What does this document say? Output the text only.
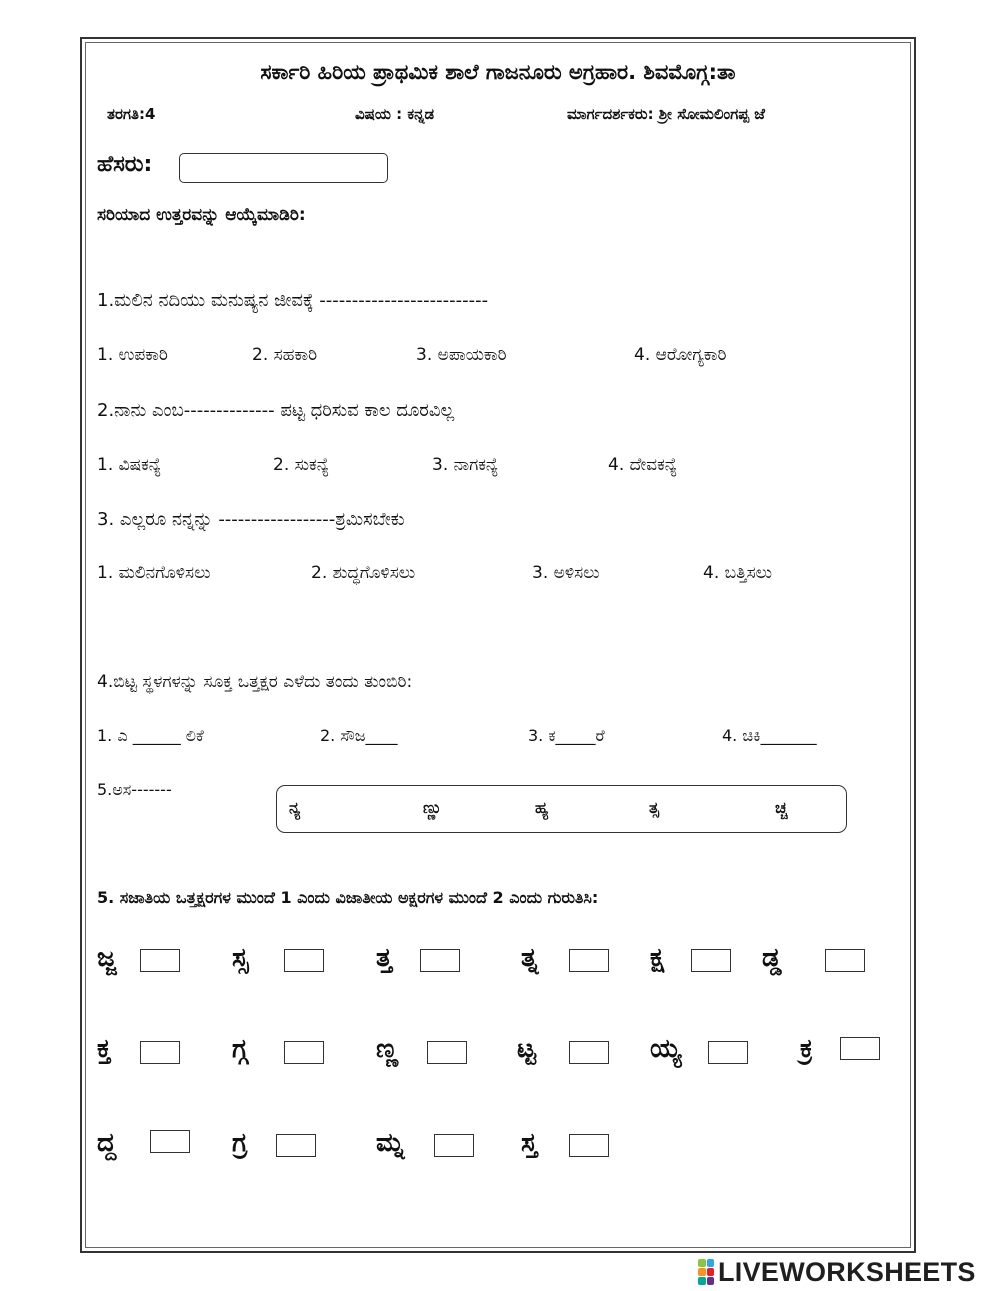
ಸರ್ಕಾರಿ ಹಿರಿಯ ಪ್ರಾಥಮಿಕ ಶಾಲೆ ಗಾಜನೂರು ಅಗ್ರಹಾರ. ಶಿವಮೊಗ್ಗ:ತಾ
ತರಗತಿ:4	ವಿಷಯ : ಕನ್ನಡ	ಮಾರ್ಗದರ್ಶಕರು: ಶ್ರೀ ಸೋಮಲಿಂಗಪ್ಪ ಜೆ
ಹೆಸರು:
ಸರಿಯಾದ ಉತ್ತರವನ್ನು ಆಯ್ಕೆಮಾಡಿರಿ:
1.ಮಲಿನ ನದಿಯು ಮನುಷ್ಯನ ಜೀವಕ್ಕೆ --------------------------
1. ಉಪಕಾರಿ	2. ಸಹಕಾರಿ	3. ಅಪಾಯಕಾರಿ	4. ಆರೋಗ್ಯಕಾರಿ
2.ನಾನು ಎಂಬ-------------- ಪಟ್ಟ ಧರಿಸುವ ಕಾಲ ದೂರವಿಲ್ಲ
1. ವಿಷಕನ್ಯೆ	2. ಸುಕನ್ಯೆ	3. ನಾಗಕನ್ಯೆ	4. ದೇವಕನ್ಯೆ
3. ಎಲ್ಲರೂ ನನ್ನನ್ನು ------------------ಶ್ರಮಿಸಬೇಕು
1. ಮಲಿನಗೊಳಿಸಲು	2. ಶುದ್ಧಗೊಳಿಸಲು	3. ಅಳಿಸಲು	4. ಬತ್ತಿಸಲು
4.ಬಿಟ್ಟ ಸ್ಥಳಗಳನ್ನು ಸೂಕ್ತ ಒತ್ತಕ್ಷರ ಎಳೆದು ತಂದು ತುಂಬಿರಿ:
1. ಎ ______ ಲಿಕೆ	2. ಸೌಜ____	3. ಕ_____ರೆ	4. ಚಿಕಿ_______
5.ಅಸ-------
ನ್ಯ	ಣ್ಣು	ಹ್ಯ	ತ್ಸ	ಚ್ಚ
5. ಸಜಾತಿಯ ಒತ್ತಕ್ಷರಗಳ ಮುಂದೆ 1 ಎಂದು ವಿಜಾತೀಯ ಅಕ್ಷರಗಳ ಮುಂದೆ 2 ಎಂದು ಗುರುತಿಸಿ:
ಜ್ಜ	ಸ್ಸ	ತ್ತ	ತ್ನ	ಕ್ಷ	ಡ್ಡ
ಕ್ತ	ಗ್ಗ	ಣ್ಣ	ಟ್ಟ	ಯ್ಯ	ಕ್ರ
ದ್ದ	ಗ್ರ	ಮ್ನ	ಸ್ತ
LIVEWORKSHEETS
